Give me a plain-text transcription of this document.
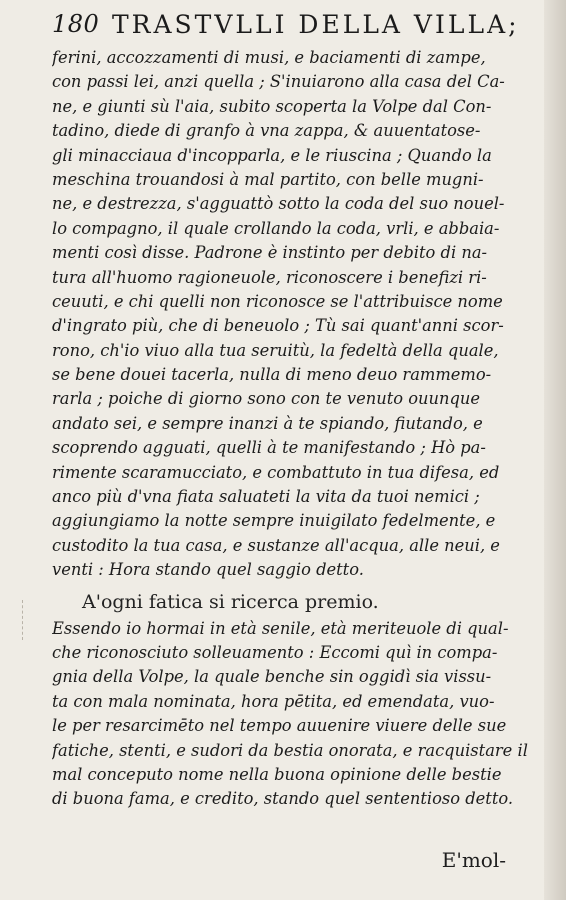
180 TRASTVLLI DELLA VILLA;
ferini, accozzamenti di musi, e baciamenti di zampe,
con passi lei, anzi quella ; S'inuiarono alla casa del Ca-
ne, e giunti sù l'aia, subito scoperta la Volpe dal Con-
tadino, diede di granfo à vna zappa, & auuentatose-
gli minacciaua d'incopparla, e le riuscina ; Quando la
meschina trouandosi à mal partito, con belle mugni-
ne, e destrezza, s'agguattò sotto la coda del suo nouel-
lo compagno, il quale crollando la coda, vrli, e abbaia-
menti così disse. Padrone è instinto per debito di na-
tura all'huomo ragioneuole, riconoscere i benefizi ri-
ceuuti, e chi quelli non riconosce se l'attribuisce nome
d'ingrato più, che di beneuolo ; Tù sai quant'anni scor-
rono, ch'io viuo alla tua seruitù, la fedeltà della quale,
se bene douei tacerla, nulla di meno deuo rammemo-
rarla ; poiche di giorno sono con te venuto ouunque
andato sei, e sempre inanzi à te spiando, fiutando, e
scoprendo agguati, quelli à te manifestando ; Hò pa-
rimente scaramucciato, e combattuto in tua difesa, ed
anco più d'vna fiata saluateti la vita da tuoi nemici ;
aggiungiamo la notte sempre inuigilato fedelmente, e
custodito la tua casa, e sustanze all'acqua, alle neui, e
venti : Hora stando quel saggio detto.
A'ogni fatica si ricerca premio.
Essendo io hormai in età senile, età meriteuole di qual-
che riconosciuto solleuamento : Eccomi quì in compa-
gnia della Volpe, la quale benche sin oggidì sia vissu-
ta con mala nominata, hora pētita, ed emendata, vuo-
le per resarcimēto nel tempo auuenire viuere delle sue
fatiche, stenti, e sudori da bestia onorata, e racquistare il
mal conceputo nome nella buona opinione delle bestie
di buona fama, e credito, stando quel sententioso detto.
E'mol-
